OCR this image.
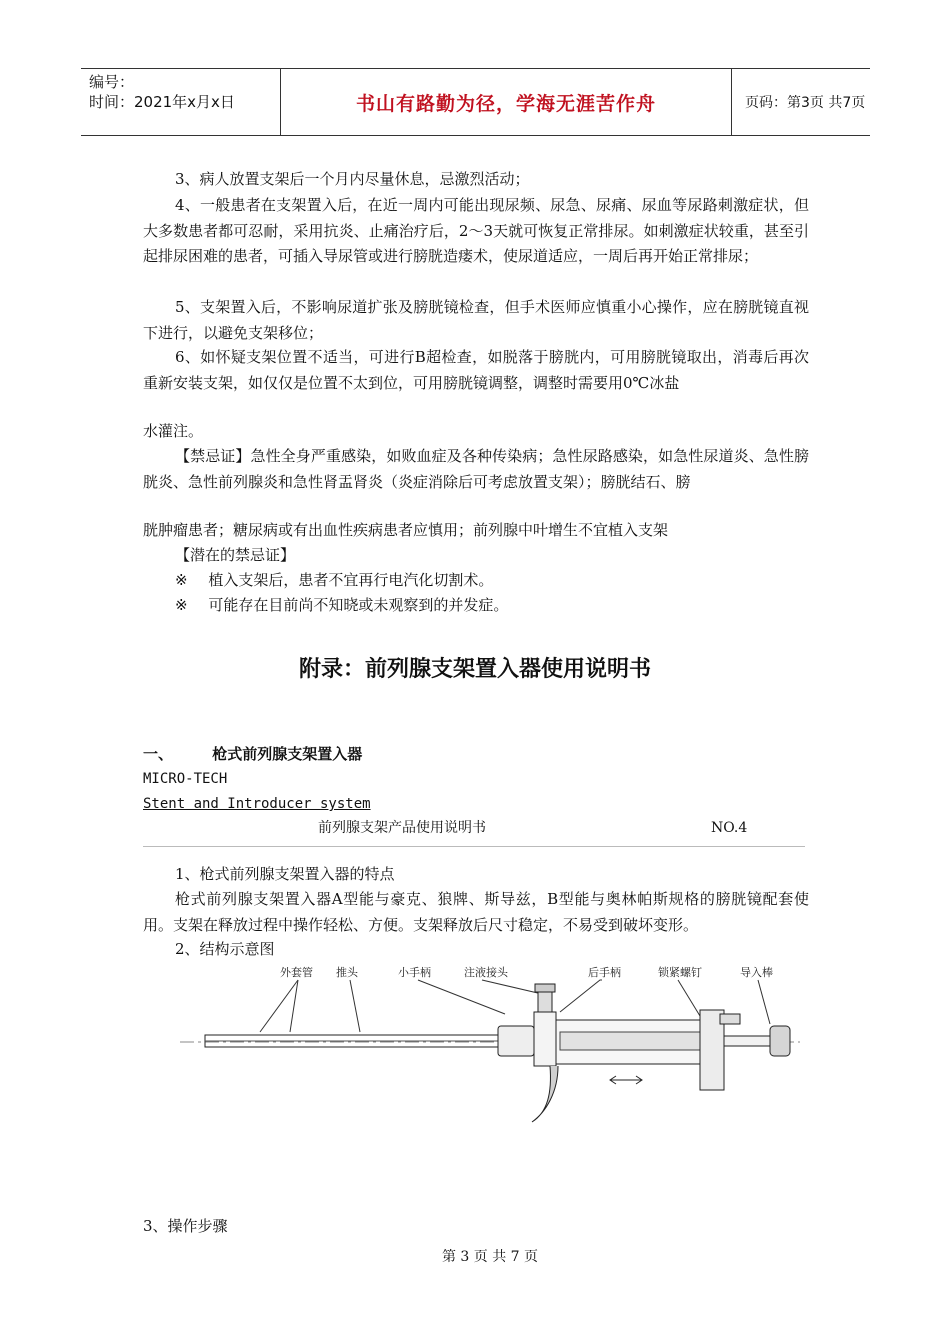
编号：
时间：2021年x月x日	书山有路勤为径，学海无涯苦作舟	页码：第3页 共7页
3、病人放置支架后一个月内尽量休息，忌激烈活动；
4、一般患者在支架置入后，在近一周内可能出现尿频、尿急、尿痛、尿血等尿路刺激症状，但大多数患者都可忍耐，采用抗炎、止痛治疗后，2～3天就可恢复正常排尿。如刺激症状较重，甚至引起排尿困难的患者，可插入导尿管或进行膀胱造瘘术，使尿道适应，一周后再开始正常排尿；
5、支架置入后，不影响尿道扩张及膀胱镜检查，但手术医师应慎重小心操作，应在膀胱镜直视下进行，以避免支架移位；
6、如怀疑支架位置不适当，可进行B超检查，如脱落于膀胱内，可用膀胱镜取出，消毒后再次重新安装支架，如仅仅是位置不太到位，可用膀胱镜调整，调整时需要用0℃冰盐
水灌注。
【禁忌证】急性全身严重感染，如败血症及各种传染病；急性尿路感染，如急性尿道炎、急性膀胱炎、急性前列腺炎和急性肾盂肾炎（炎症消除后可考虑放置支架）；膀胱结石、膀
胱肿瘤患者；糖尿病或有出血性疾病患者应慎用；前列腺中叶增生不宜植入支架
【潜在的禁忌证】
※ 植入支架后，患者不宜再行电汽化切割术。
※ 可能存在目前尚不知晓或未观察到的并发症。
附录：前列腺支架置入器使用说明书
一、	枪式前列腺支架置入器
MICRO-TECH
Stent and Introducer system
前列腺支架产品使用说明书	NO.4
1、枪式前列腺支架置入器的特点
枪式前列腺支架置入器A型能与豪克、狼牌、斯导兹，B型能与奥林帕斯规格的膀胱镜配套使用。支架在释放过程中操作轻松、方便。支架释放后尺寸稳定，不易受到破坏变形。
2、结构示意图
外套管 推头	小手柄	注液接头	后手柄	锁紧螺钉	导入棒
3、操作步骤
第 3 页 共 7 页
